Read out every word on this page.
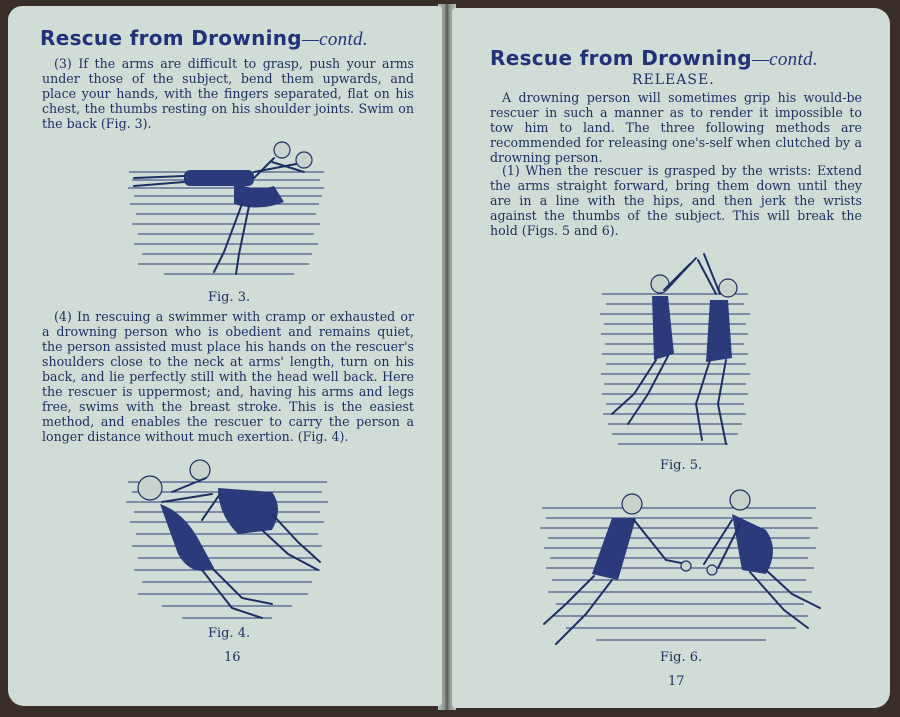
Rescue from Drowning—contd.

(3) If the arms are difficult to grasp, push your arms under those of the subject, bend them upwards, and place your hands, with the fingers separated, flat on his chest, the thumbs resting on his shoulder joints. Swim on the back (Fig. 3).

Fig. 3.

(4) In rescuing a swimmer with cramp or exhausted or a drowning person who is obedient and remains quiet, the person assisted must place his hands on the rescuer's shoulders close to the neck at arms' length, turn on his back, and lie perfectly still with the head well back. Here the rescuer is uppermost; and, having his arms and legs free, swims with the breast stroke. This is the easiest method, and enables the rescuer to carry the person a longer distance without much exertion. (Fig. 4).

Fig. 4.
16
Rescue from Drowning—contd.
RELEASE.

A drowning person will sometimes grip his would-be rescuer in such a manner as to render it impossible to tow him to land. The three following methods are recommended for releasing one's-self when clutched by a drowning person.

(1) When the rescuer is grasped by the wrists: Extend the arms straight forward, bring them down until they are in a line with the hips, and then jerk the wrists against the thumbs of the subject. This will break the hold (Figs. 5 and 6).

Fig. 5.
Fig. 6.
17
